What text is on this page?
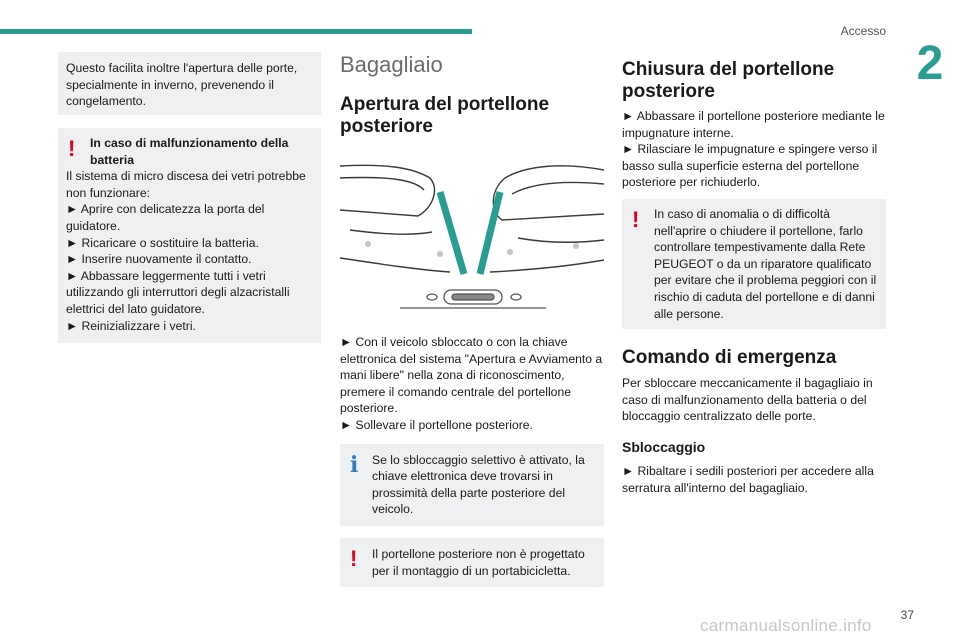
Accesso
2

Questo facilita inoltre l'apertura delle porte, specialmente in inverno, prevenendo il congelamento.

!	In caso di malfunzionamento della batteria

Il sistema di micro discesa dei vetri potrebbe non funzionare:

► Aprire con delicatezza la porta del guidatore.

► Ricaricare o sostituire la batteria.

► Inserire nuovamente il contatto.

► Abbassare leggermente tutti i vetri utilizzando gli interruttori degli alzacristalli elettrici del lato guidatore.

► Reinizializzare i vetri.

Bagagliaio
Apertura del portellone posteriore

► Con il veicolo sbloccato o con la chiave elettronica del sistema "Apertura e Avviamento a mani libere" nella zona di riconoscimento, premere il comando centrale del portellone posteriore.

► Sollevare il portellone posteriore.

i	Se lo sbloccaggio selettivo è attivato, la chiave elettronica deve trovarsi in prossimità della parte posteriore del veicolo.

!	Il portellone posteriore non è progettato per il montaggio di un portabicicletta.

Chiusura del portellone posteriore

► Abbassare il portellone posteriore mediante le impugnature interne.

► Rilasciare le impugnature e spingere verso il basso sulla superficie esterna del portellone posteriore per richiuderlo.

!	In caso di anomalia o di difficoltà nell'aprire o chiudere il portellone, farlo controllare tempestivamente dalla Rete PEUGEOT o da un riparatore qualificato per evitare che il problema peggiori con il rischio di caduta del portellone e di danni alle persone.

Comando di emergenza

Per sbloccare meccanicamente il bagagliaio in caso di malfunzionamento della batteria o del bloccaggio centralizzato delle porte.

Sbloccaggio

► Ribaltare i sedili posteriori per accedere alla serratura all'interno del bagagliaio.

37
carmanualsonline.info
